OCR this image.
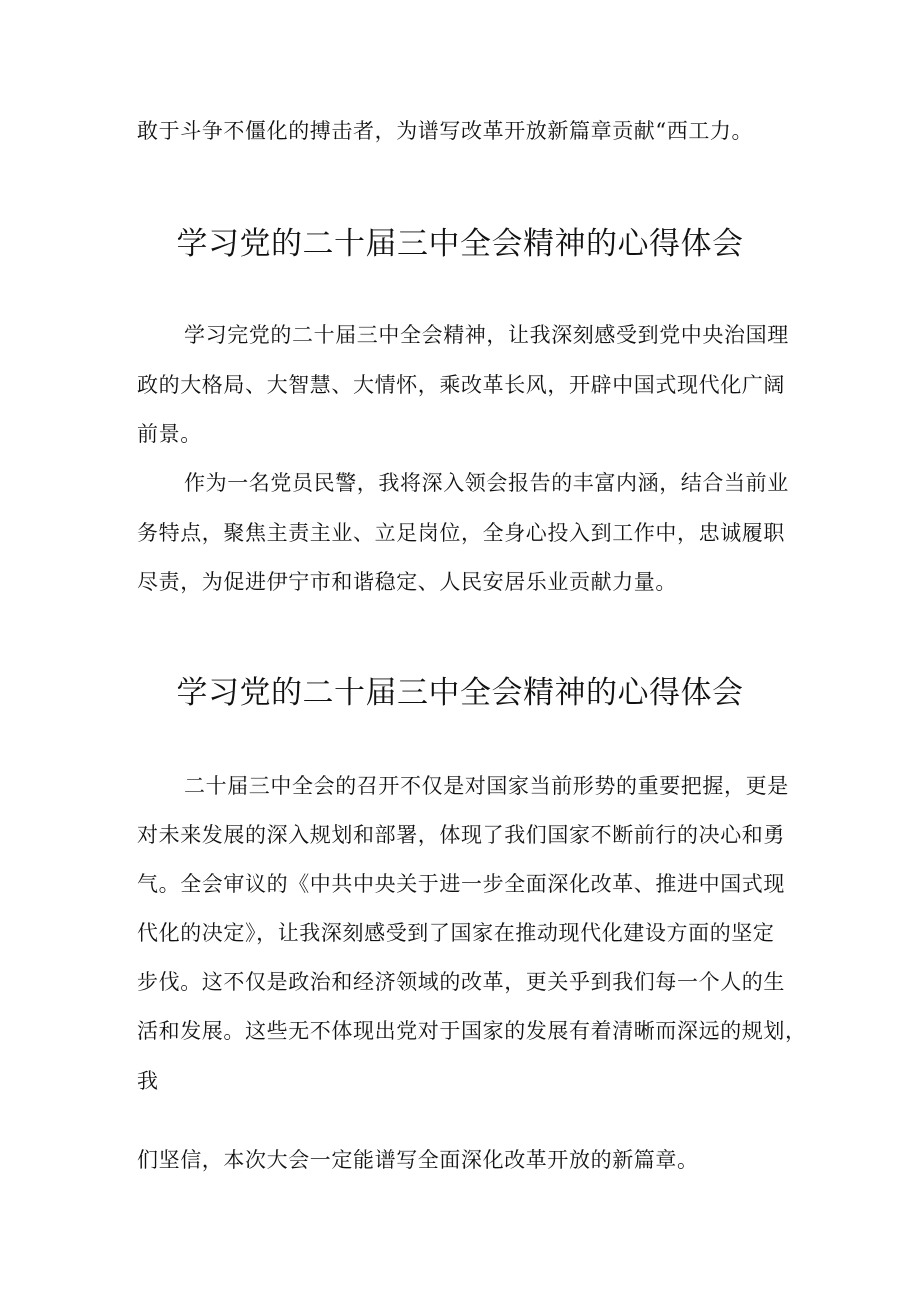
敢于斗争不僵化的搏击者，为谱写改革开放新篇章贡献“西工力。
学习党的二十届三中全会精神的心得体会
学习完党的二十届三中全会精神，让我深刻感受到党中央治国理
政的大格局、大智慧、大情怀，乘改革长风，开辟中国式现代化广阔
前景。
作为一名党员民警，我将深入领会报告的丰富内涵，结合当前业
务特点，聚焦主责主业、立足岗位，全身心投入到工作中，忠诚履职
尽责，为促进伊宁市和谐稳定、人民安居乐业贡献力量。
学习党的二十届三中全会精神的心得体会
二十届三中全会的召开不仅是对国家当前形势的重要把握，更是
对未来发展的深入规划和部署，体现了我们国家不断前行的决心和勇
气。全会审议的《中共中央关于进一步全面深化改革、推进中国式现
代化的决定》，让我深刻感受到了国家在推动现代化建设方面的坚定
步伐。这不仅是政治和经济领域的改革，更关乎到我们每一个人的生
活和发展。这些无不体现出党对于国家的发展有着清晰而深远的规划，
我
们坚信，本次大会一定能谱写全面深化改革开放的新篇章。
